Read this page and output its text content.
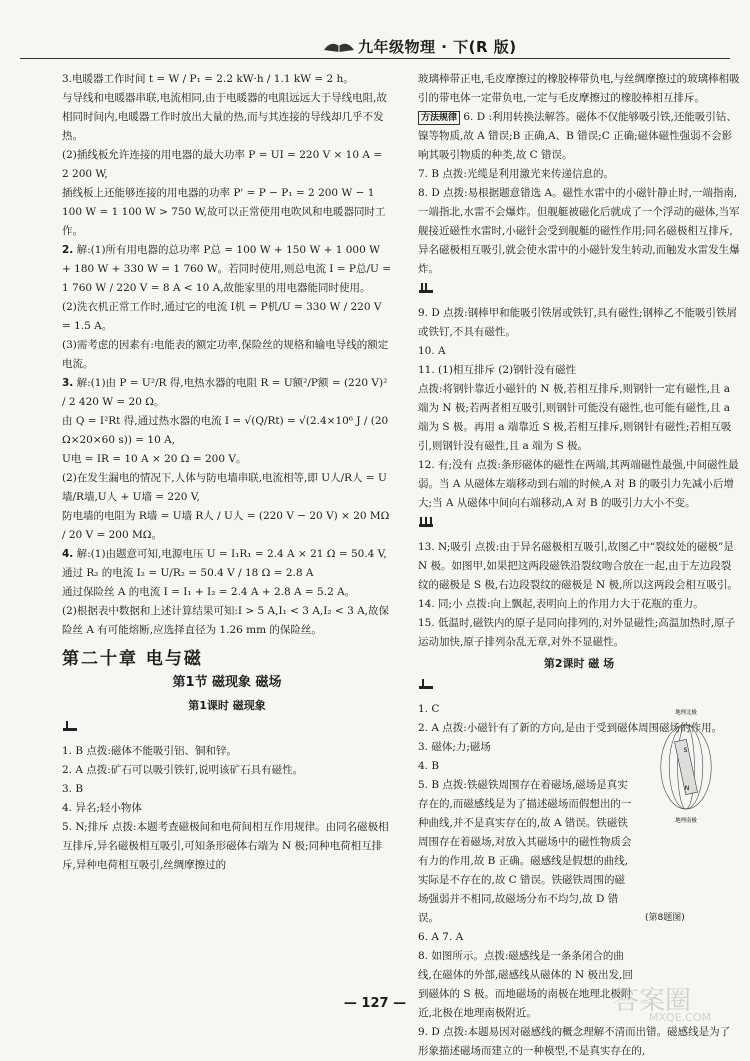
九年级物理 · 下(R 版)

3.电暖器工作时间 t = W / P₁ = 2.2 kW·h / 1.1 kW = 2 h。

与导线和电暖器串联,电流相同,由于电暖器的电阻远远大于导线电阻,故相同时间内,电暖器工作时放出大量的热,而与其连接的导线却几乎不发热。

(2)插线板允许连接的用电器的最大功率 P = UI = 220 V × 10 A = 2 200 W,

插线板上还能够连接的用电器的功率 P' = P − P₁ = 2 200 W − 1 100 W = 1 100 W > 750 W,故可以正常使用电吹风和电暖器同时工作。

2. 解:(1)所有用电器的总功率 P总 = 100 W + 150 W + 1 000 W + 180 W + 330 W = 1 760 W。若同时使用,则总电流 I = P总/U = 1 760 W / 220 V = 8 A < 10 A,故能家里的用电器能同时使用。

(2)洗衣机正常工作时,通过它的电流 I机 = P机/U = 330 W / 220 V = 1.5 A。

(3)需考虑的因素有:电能表的额定功率,保险丝的规格和输电导线的额定电流。

3. 解:(1)由 P = U²/R 得,电热水器的电阻 R = U额²/P额 = (220 V)² / 2 420 W = 20 Ω。

由 Q = I²Rt 得,通过热水器的电流 I = √(Q/Rt) = √(2.4×10⁶ J / (20 Ω×20×60 s)) = 10 A,

U电 = IR = 10 A × 20 Ω = 200 V。

(2)在发生漏电的情况下,人体与防电墙串联,电流相等,即 U人/R人 = U墙/R墙,U人 + U墙 = 220 V,

防电墙的电阻为 R墙 = U墙 R人 / U人 = (220 V − 20 V) × 20 MΩ / 20 V = 200 MΩ。

4. 解:(1)由题意可知,电源电压 U = I₁R₁ = 2.4 A × 21 Ω = 50.4 V,

通过 R₂ 的电流 I₂ = U/R₂ = 50.4 V / 18 Ω = 2.8 A

通过保险丝 A 的电流 I = I₁ + I₂ = 2.4 A + 2.8 A = 5.2 A。

(2)根据表中数据和上述计算结果可知:I > 5 A,I₁ < 3 A,I₂ < 3 A,故保险丝 A 有可能熔断,应选择直径为 1.26 mm 的保险丝。

第二十章 电与磁
第1节 磁现象 磁场
第1课时 磁现象

1. B 点拨:磁体不能吸引铝、铜和锌。

2. A 点拨:矿石可以吸引铁钉,说明该矿石具有磁性。

3. B

4. 异名;轻小物体

5. N;排斥 点拨:本题考查磁极间和电荷间相互作用规律。由同名磁极相互排斥,异名磁极相互吸引,可知条形磁体右端为 N 极;同种电荷相互排斥,异种电荷相互吸引,丝绸摩擦过的

玻璃棒带正电,毛皮摩擦过的橡胶棒带负电,与丝绸摩擦过的玻璃棒相吸引的带电体一定带负电,一定与毛皮摩擦过的橡胶棒相互排斥。

方法规律 6. D :利用转换法解答。磁体不仅能够吸引铁,还能吸引钴、镍等物质,故 A 错误;B 正确,A、B 错误;C 正确;磁体磁性强弱不会影响其吸引物质的种类,故 C 错误。

7. B 点拨:光缆是利用激光来传递信息的。

8. D 点拨:易根据题意错选 A。磁性水雷中的小磁针静止时,一端指南,一端指北,水雷不会爆炸。但舰艇被磁化后就成了一个浮动的磁体,当军舰接近磁性水雷时,小磁针会受到舰艇的磁性作用;同名磁极相互排斥,异名磁极相互吸引,就会使水雷中的小磁针发生转动,而触发水雷发生爆炸。

9. D 点拨:钢棒甲和能吸引铁屑或铁钉,具有磁性;钢棒乙不能吸引铁屑或铁钉,不具有磁性。

10. A

11. (1)相互排斥 (2)钢针没有磁性

点拨:将钢针靠近小磁针的 N 极,若相互排斥,则钢针一定有磁性,且 a 端为 N 极;若两者相互吸引,则钢针可能没有磁性,也可能有磁性,且 a 端为 S 极。再用 a 端靠近 S 极,若相互排斥,则钢针有磁性;若相互吸引,则钢针没有磁性,且 a 端为 S 极。

12. 有;没有 点拨:条形磁体的磁性在两端,其两端磁性最强,中间磁性最弱。当 A 从磁体左端移动到右端的时候,A 对 B 的吸引力先减小后增大;当 A 从磁体中间向右端移动,A 对 B 的吸引力大小不变。

13. N;吸引 点拨:由于异名磁极相互吸引,故图乙中“裂纹处的磁极”是 N 极。如图甲,如果把这两段磁铁沿裂纹吻合放在一起,由于左边段裂纹的磁极是 S 极,右边段裂纹的磁极是 N 极,所以这两段会相互吸引。

14. 同;小 点拨:向上飘起,表明向上的作用力大于花瓶的重力。

15. 低温时,磁铁内的原子是同向排列的,对外显磁性;高温加热时,原子运动加快,原子排列杂乱无章,对外不显磁性。

第2课时 磁 场

1. C

2. A 点拨:小磁针有了新的方向,是由于受到磁体周围磁场的作用。

3. 磁体;力;磁场

4. B

5. B 点拨:铁磁铁周围存在着磁场,磁场是真实存在的,而磁感线是为了描述磁场而假想出的一种曲线,并不是真实存在的,故 A 错误。铁磁铁周围存在着磁场,对放入其磁场中的磁性物质会有力的作用,故 B 正确。磁感线是假想的曲线,实际是不存在的,故 C 错误。铁磁铁周围的磁场强弱并不相同,故磁场分布不均匀,故 D 错误。

6. A 7. A

8. 如图所示。点拨:磁感线是一条条闭合的曲线,在磁体的外部,磁感线从磁体的 N 极出发,回到磁体的 S 极。而地磁场的南极在地理北极附近,北极在地理南极附近。

9. D 点拨:本题易因对磁感线的概念理解不清而出错。磁感线是为了形象描述磁场而建立的一种模型,不是真实存在的,

地理北极
S
N
地理南极
(第8题图)
— 127 —	答案圈
MXQE.COM
